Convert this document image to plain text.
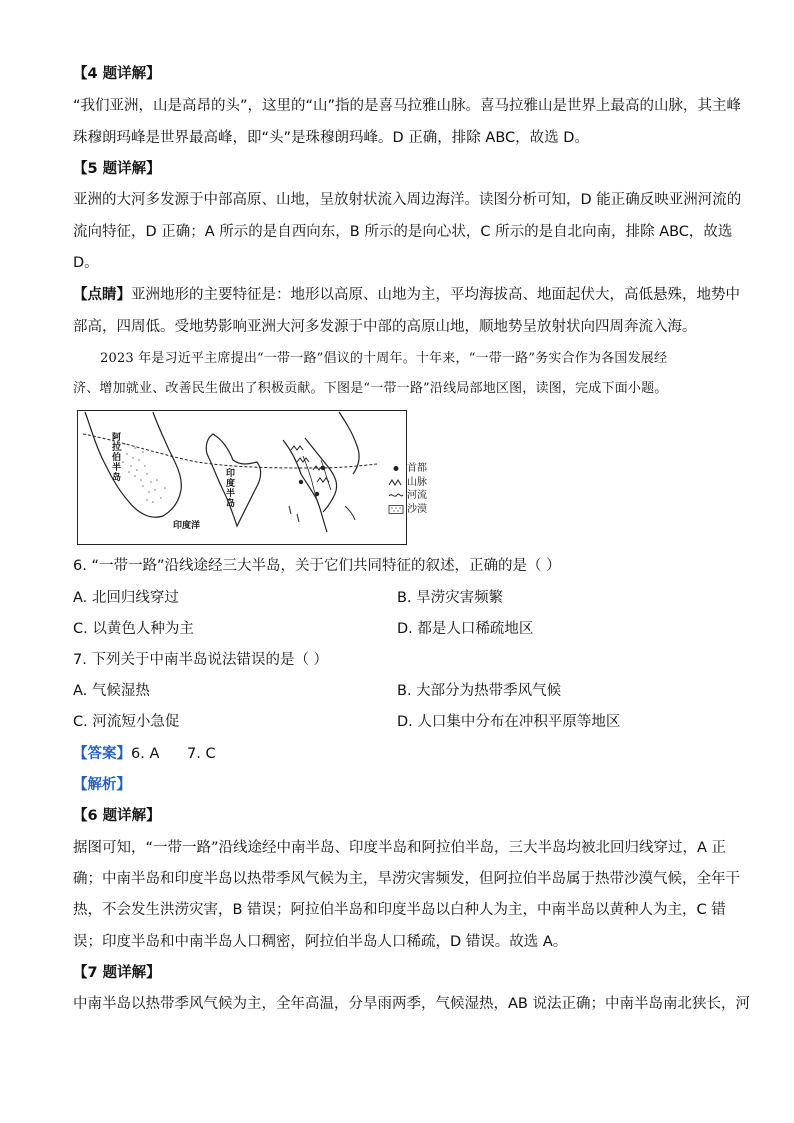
【4 题详解】
“我们亚洲，山是高昂的头”，这里的“山”指的是喜马拉雅山脉。喜马拉雅山是世界上最高的山脉，其主峰
珠穆朗玛峰是世界最高峰，即“头”是珠穆朗玛峰。D 正确，排除 ABC，故选 D。
【5 题详解】
亚洲的大河多发源于中部高原、山地，呈放射状流入周边海洋。读图分析可知，D 能正确反映亚洲河流的
流向特征，D 正确；A 所示的是自西向东，B 所示的是向心状，C 所示的是自北向南，排除 ABC，故选
D。
【点睛】亚洲地形的主要特征是：地形以高原、山地为主，平均海拔高、地面起伏大，高低悬殊，地势中
部高，四周低。受地势影响亚洲大河多发源于中部的高原山地，顺地势呈放射状向四周奔流入海。
2023 年是习近平主席提出“一带一路”倡议的十周年。十年来，“一带一路”务实合作为各国发展经
济、增加就业、改善民生做出了积极贡献。下图是“一带一路”沿线局部地区图，读图，完成下面小题。
阿拉伯半岛
印度半岛
印度洋
首都
山脉
河流
沙漠
6. “一带一路”沿线途经三大半岛，关于它们共同特征的叙述，正确的是（ ）
A. 北回归线穿过	B. 旱涝灾害频繁
C. 以黄色人种为主	D. 都是人口稀疏地区
7. 下列关于中南半岛说法错误的是（ ）
A. 气候湿热	B. 大部分为热带季风气候
C. 河流短小急促	D. 人口集中分布在冲积平原等地区
【答案】6. A      7. C
【解析】
【6 题详解】
据图可知，“一带一路”沿线途经中南半岛、印度半岛和阿拉伯半岛，三大半岛均被北回归线穿过，A 正
确；中南半岛和印度半岛以热带季风气候为主，旱涝灾害频发，但阿拉伯半岛属于热带沙漠气候，全年干
热，不会发生洪涝灾害，B 错误；阿拉伯半岛和印度半岛以白种人为主，中南半岛以黄种人为主，C 错
误；印度半岛和中南半岛人口稠密，阿拉伯半岛人口稀疏，D 错误。故选 A。
【7 题详解】
中南半岛以热带季风气候为主，全年高温，分旱雨两季，气候湿热，AB 说法正确；中南半岛南北狭长，河
